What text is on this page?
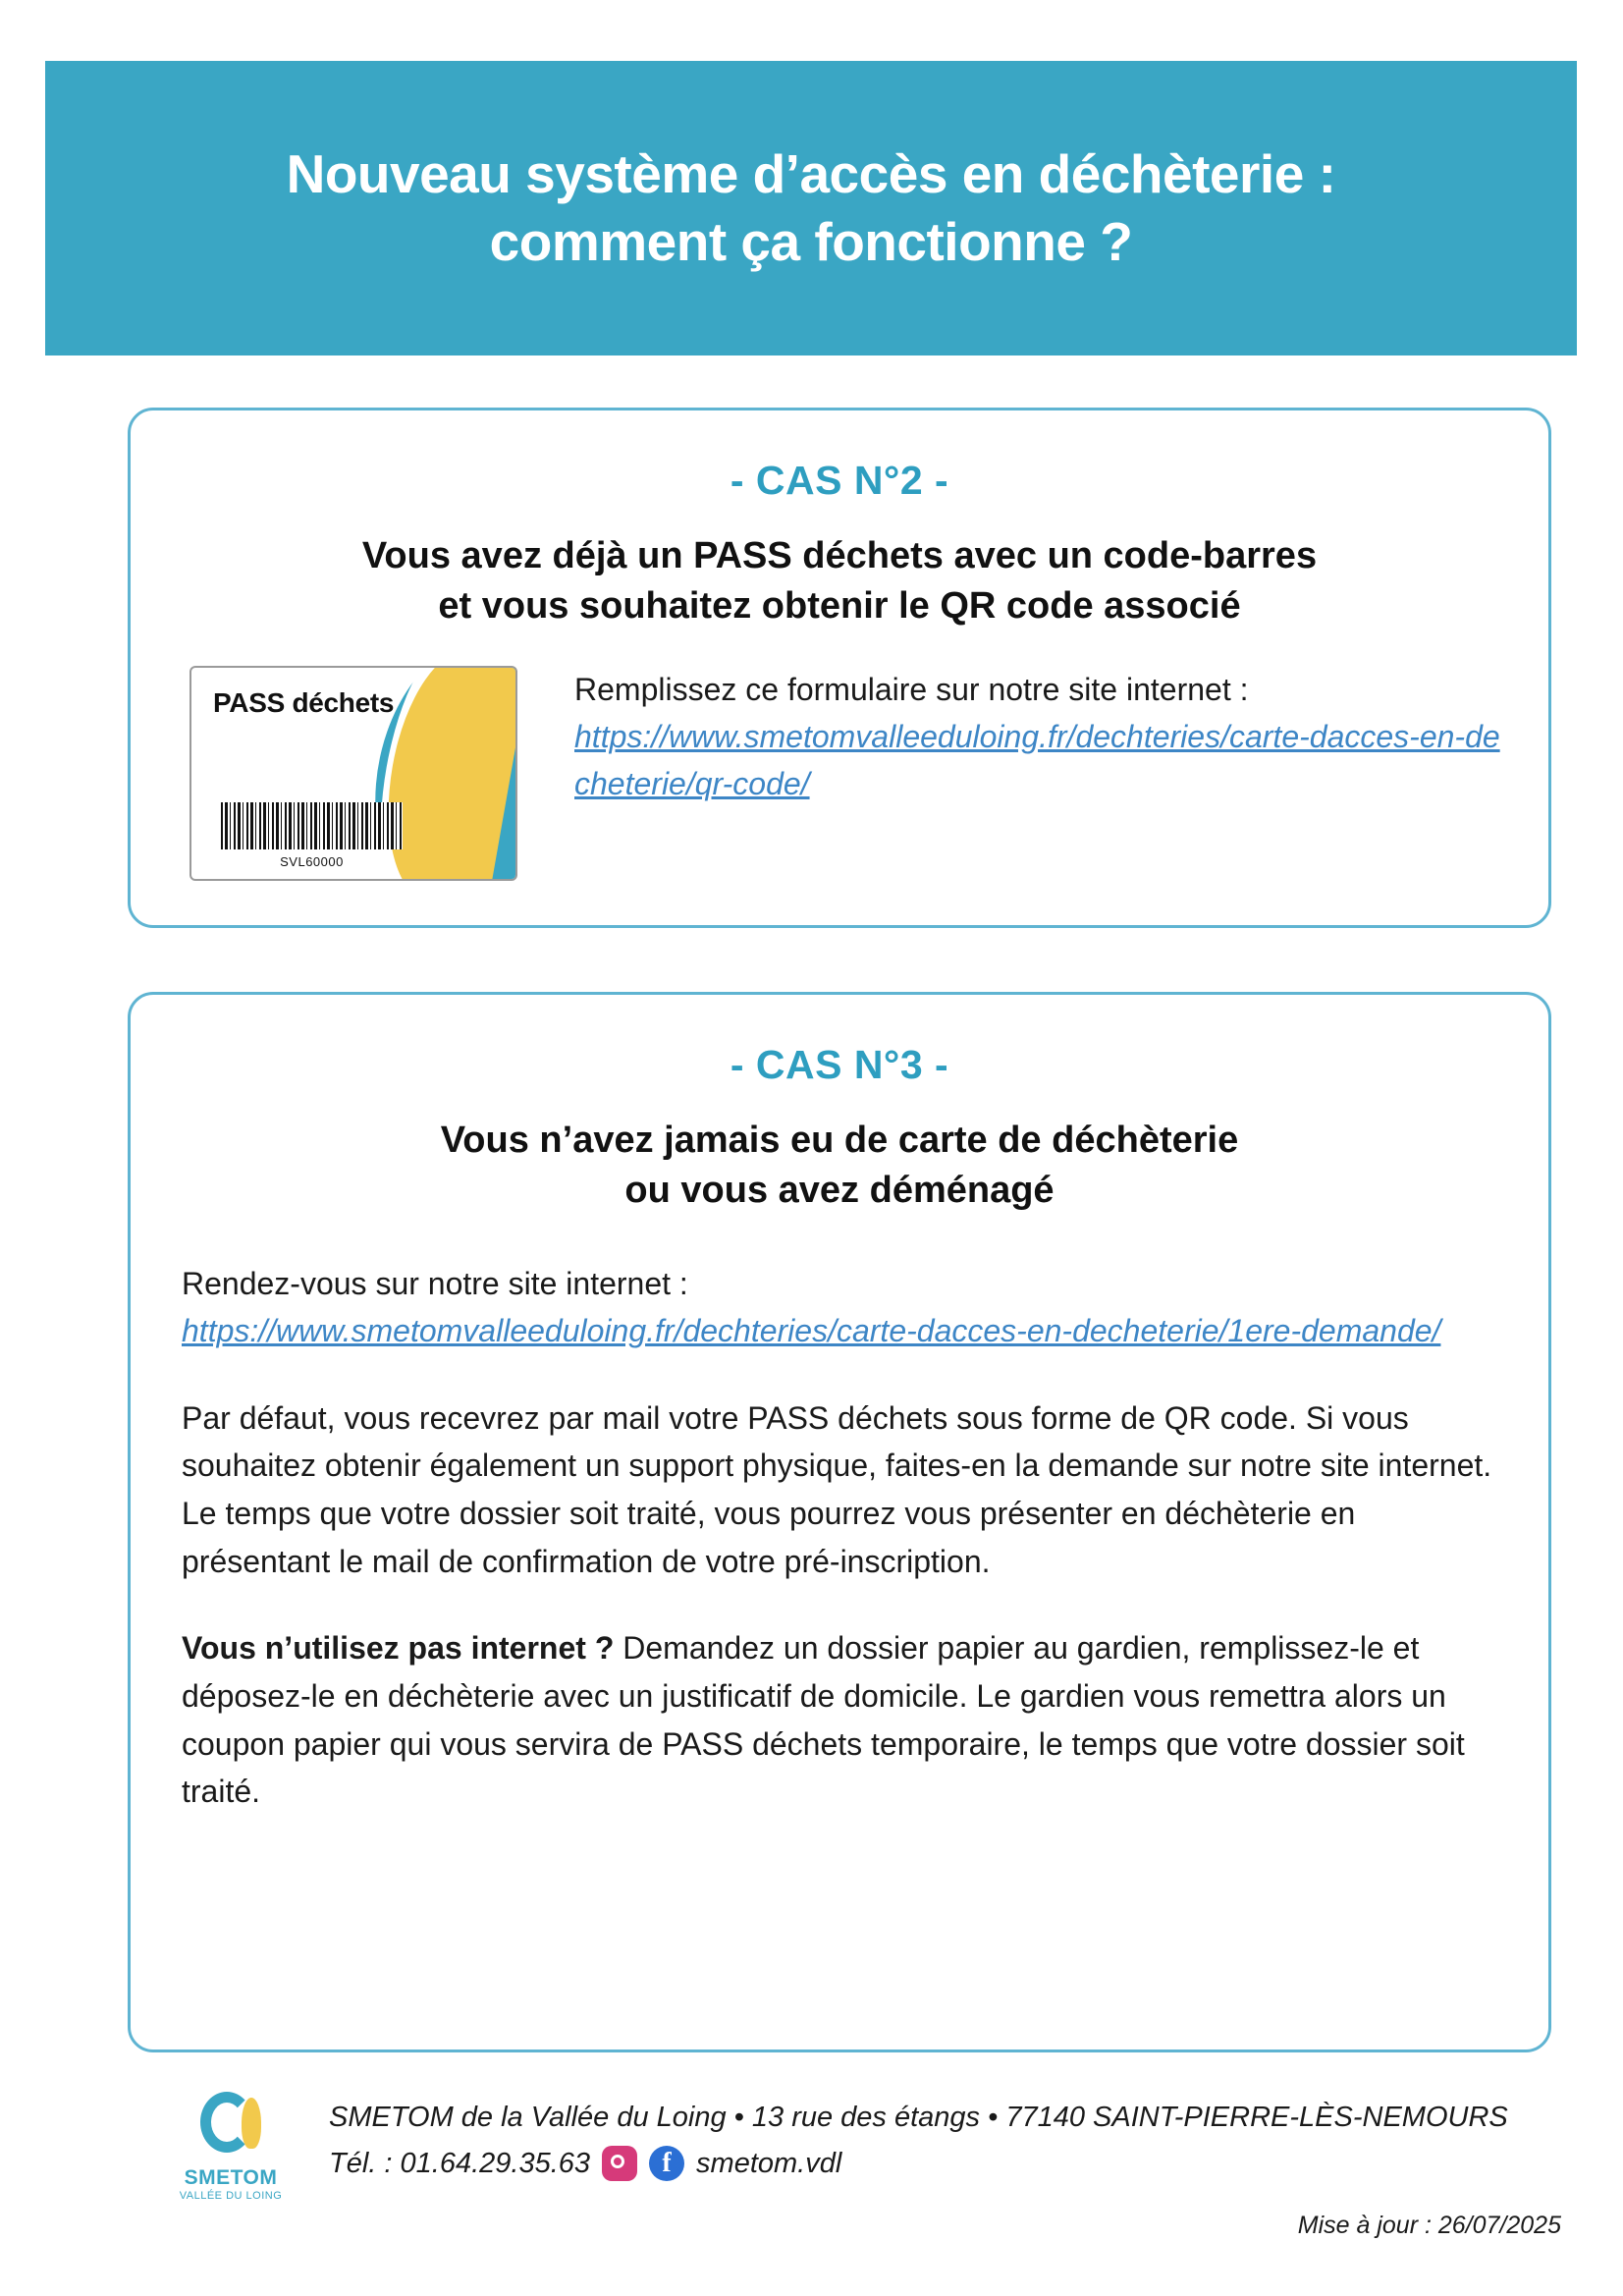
Nouveau système d’accès en déchèterie :
comment ça fonctionne ?
- CAS N°2 -
Vous avez déjà un PASS déchets avec un code-barres
et vous souhaitez obtenir le QR code associé
PASS déchets
SVL60000
Remplissez ce formulaire sur notre site internet :
https://www.smetomvalleeduloing.fr/dechteries/carte-dacces-en-decheterie/qr-code/
- CAS N°3 -
Vous n’avez jamais eu de carte de déchèterie
ou vous avez déménagé

Rendez-vous sur notre site internet :

https://www.smetomvalleeduloing.fr/dechteries/carte-dacces-en-decheterie/1ere-demande/

Par défaut, vous recevrez par mail votre PASS déchets sous forme de QR code. Si vous souhaitez obtenir également un support physique, faites-en la demande sur notre site internet.

Le temps que votre dossier soit traité, vous pourrez vous présenter en déchèterie en présentant le mail de confirmation de votre pré-inscription.

Vous n’utilisez pas internet ? Demandez un dossier papier au gardien, remplissez-le et déposez-le en déchèterie avec un justificatif de domicile. Le gardien vous remettra alors un coupon papier qui vous servira de PASS déchets temporaire, le temps que votre dossier soit traité.

SMETOM
VALLÉE DU LOING
SMETOM de la Vallée du Loing • 13 rue des étangs • 77140 SAINT-PIERRE-LÈS-NEMOURS
Tél. : 01.64.29.35.63	f smetom.vdl
Mise à jour : 26/07/2025
